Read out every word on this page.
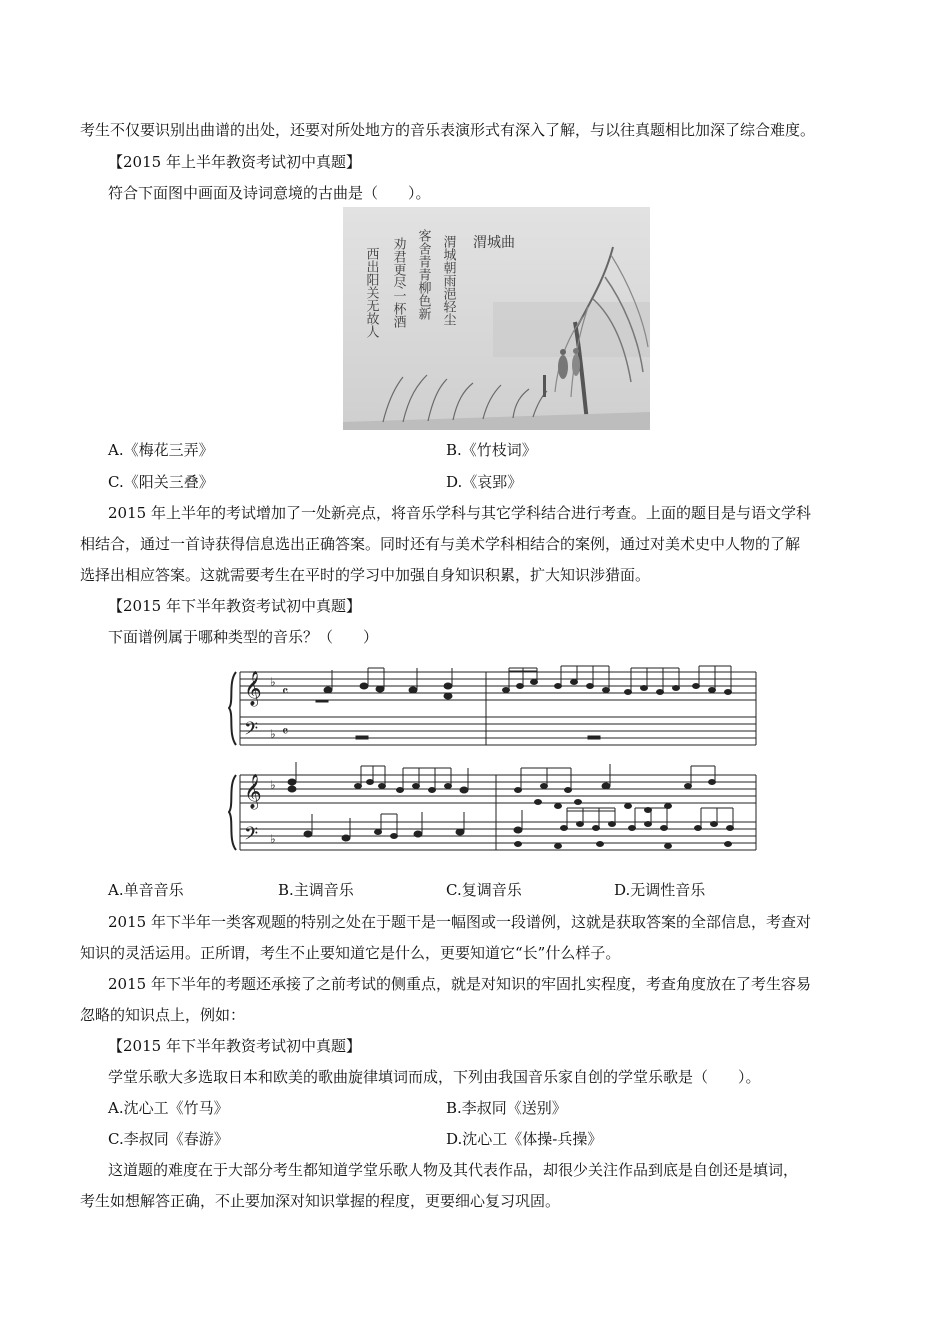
考生不仅要识别出曲谱的出处，还要对所处地方的音乐表演形式有深入了解，与以往真题相比加深了综合难度。
【2015 年上半年教资考试初中真题】
符合下面图中画面及诗词意境的古曲是（　　）。
渭城曲
渭城朝雨浥轻尘
客舍青青柳色新
劝君更尽一杯酒
西出阳关无故人
A.《梅花三弄》	B.《竹枝词》
C.《阳关三叠》	D.《哀郢》
2015 年上半年的考试增加了一处新亮点，将音乐学科与其它学科结合进行考查。上面的题目是与语文学科
相结合，通过一首诗获得信息选出正确答案。同时还有与美术学科相结合的案例，通过对美术史中人物的了解
选择出相应答案。这就需要考生在平时的学习中加强自身知识积累，扩大知识涉猎面。
【2015 年下半年教资考试初中真题】
下面谱例属于哪种类型的音乐？（　　）
𝄞
𝄢
𝄞
𝄢
♭
♭
♭
♭
𝄴
𝄴
A.单音音乐	B.主调音乐	C.复调音乐	D.无调性音乐
2015 年下半年一类客观题的特别之处在于题干是一幅图或一段谱例，这就是获取答案的全部信息，考查对
知识的灵活运用。正所谓，考生不止要知道它是什么，更要知道它“长”什么样子。
2015 年下半年的考题还承接了之前考试的侧重点，就是对知识的牢固扎实程度，考查角度放在了考生容易
忽略的知识点上，例如：
【2015 年下半年教资考试初中真题】
学堂乐歌大多选取日本和欧美的歌曲旋律填词而成，下列由我国音乐家自创的学堂乐歌是（　　）。
A.沈心工《竹马》	B.李叔同《送别》
C.李叔同《春游》	D.沈心工《体操-兵操》
这道题的难度在于大部分考生都知道学堂乐歌人物及其代表作品，却很少关注作品到底是自创还是填词，
考生如想解答正确，不止要加深对知识掌握的程度，更要细心复习巩固。
